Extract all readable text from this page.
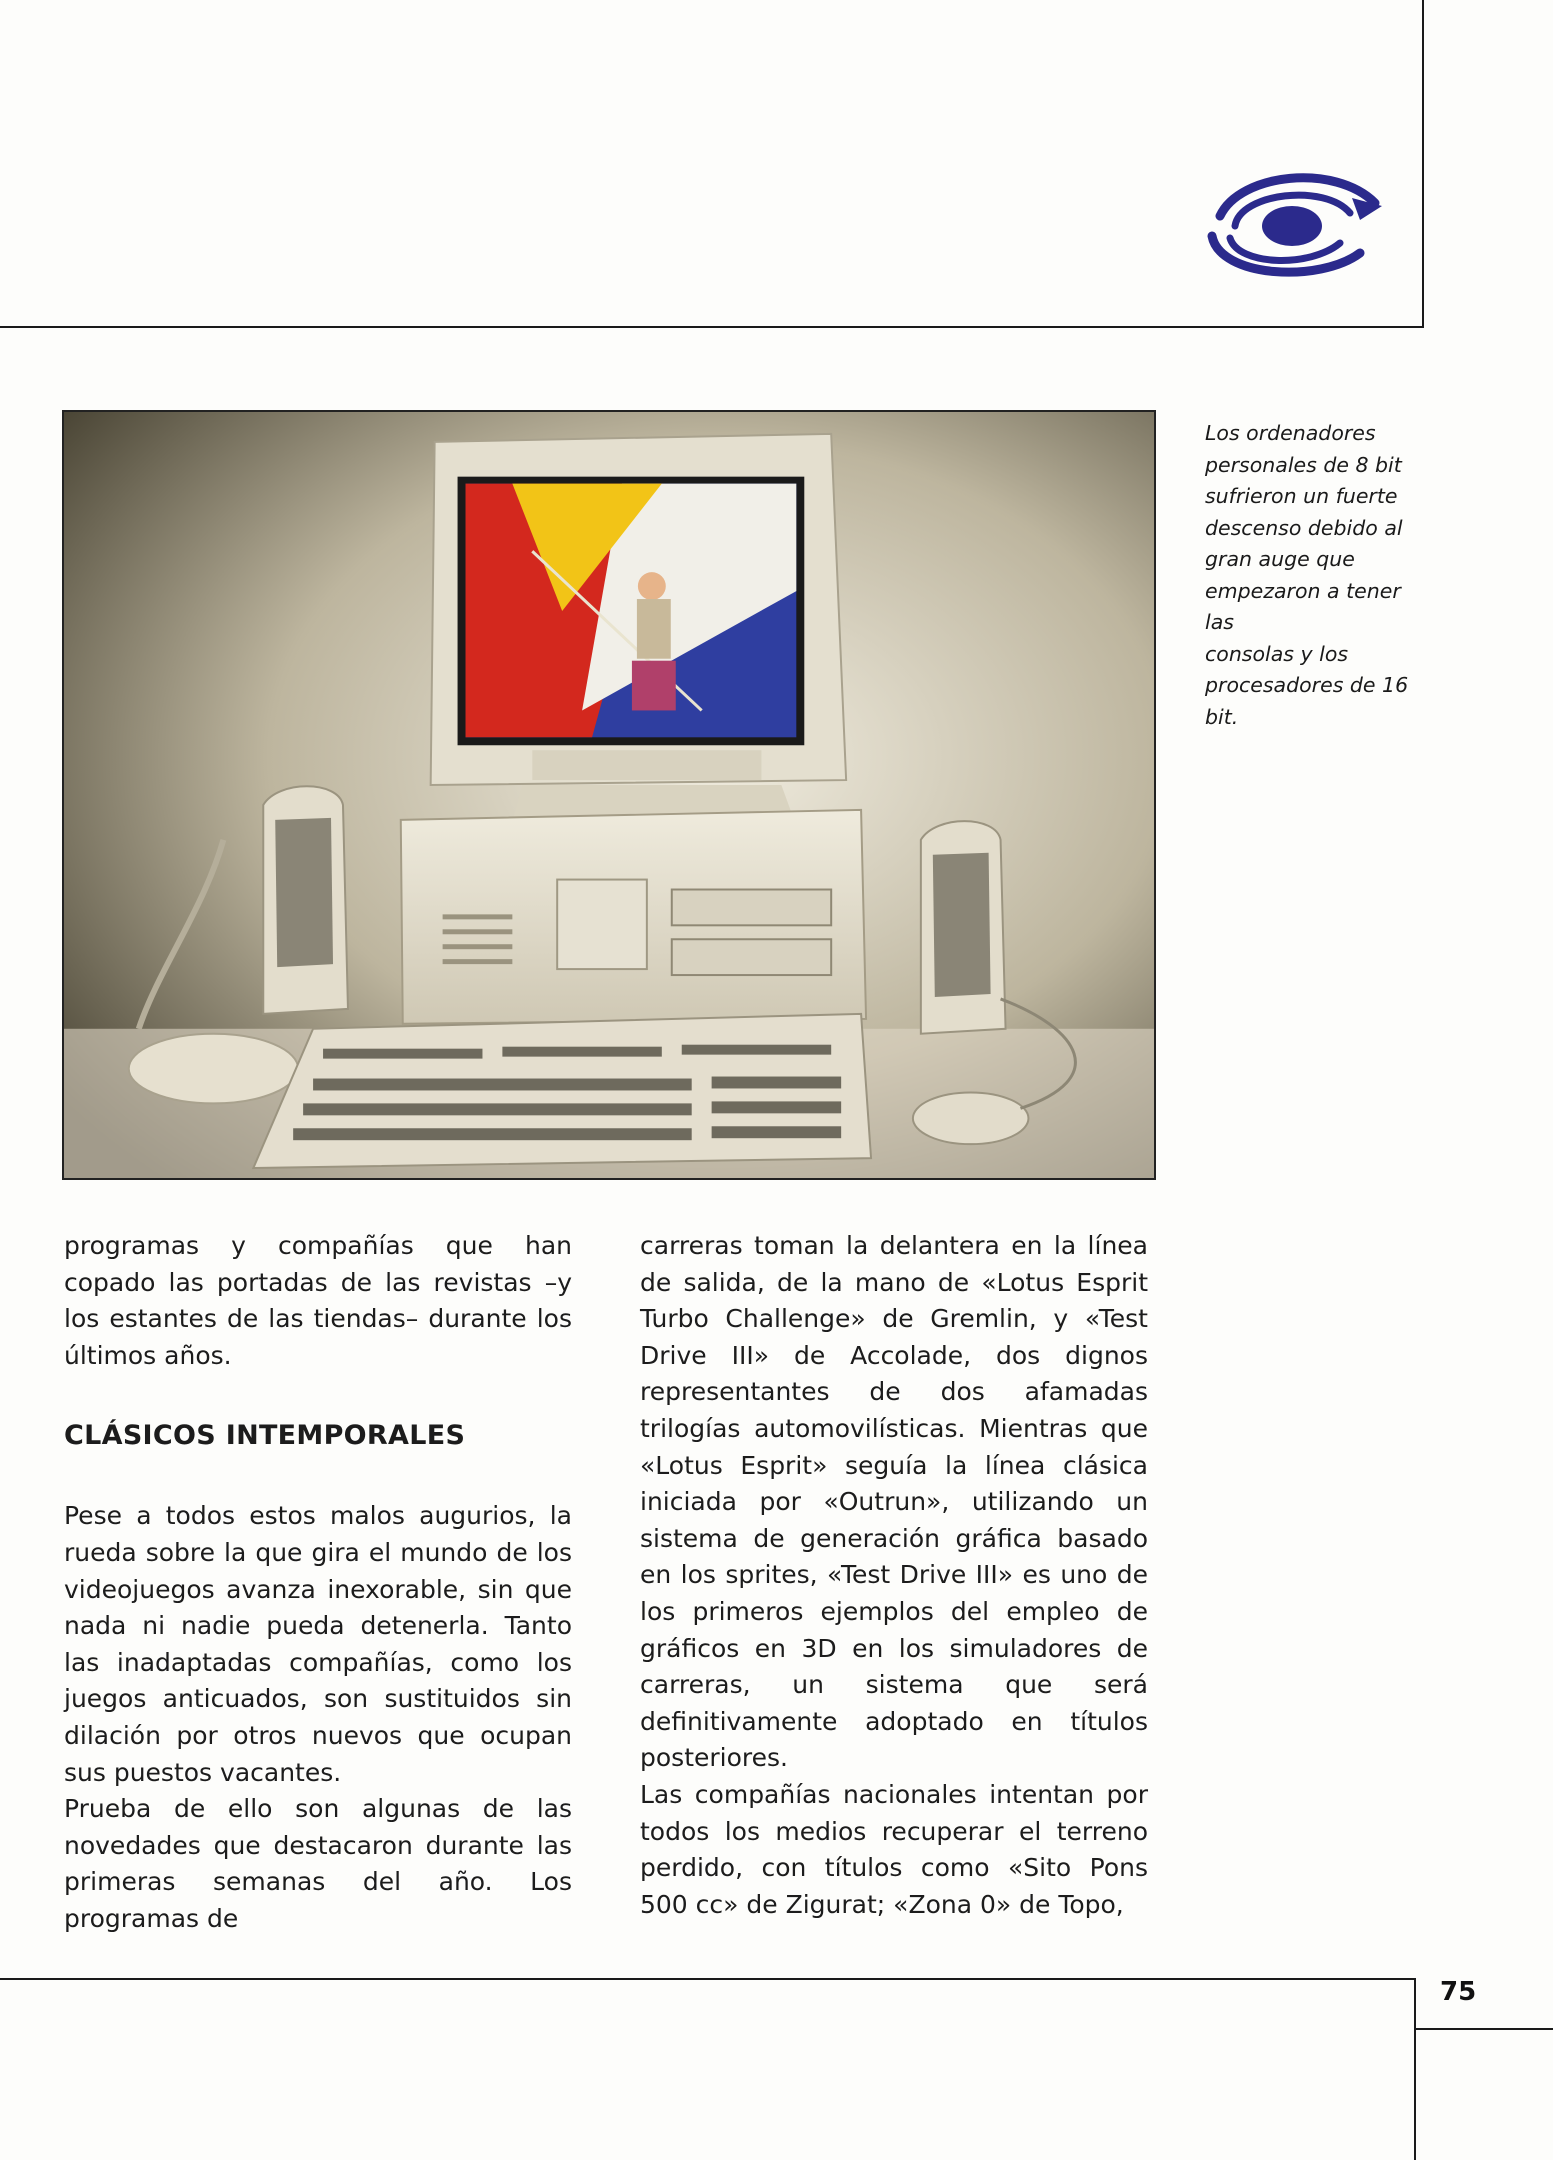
Los ordenadores

personales de 8 bit

sufrieron un fuerte

descenso debido al

gran auge que

empezaron a tener las

consolas y los

procesadores de 16 bit.

programas y compañías que han copado las portadas de las revistas –y los estantes de las tiendas– durante los últimos años.

CLÁSICOS INTEMPORALES

Pese a todos estos malos augurios, la rueda sobre la que gira el mundo de los videojuegos avanza inexorable, sin que nada ni nadie pueda detenerla. Tanto las inadaptadas compañías, como los juegos anticuados, son sustituidos sin dilación por otros nuevos que ocupan sus puestos vacantes.

Prueba de ello son algunas de las novedades que destacaron durante las primeras semanas del año. Los programas de

carreras toman la delantera en la línea de salida, de la mano de «Lotus Esprit Turbo Challenge» de Gremlin, y «Test Drive III» de Accolade, dos dignos representantes de dos afamadas trilogías automovilísticas. Mientras que «Lotus Esprit» seguía la línea clásica iniciada por «Outrun», utilizando un sistema de generación gráfica basado en los sprites, «Test Drive III» es uno de los primeros ejemplos del empleo de gráficos en 3D en los simuladores de carreras, un sistema que será definitivamente adoptado en títulos posteriores.

Las compañías nacionales intentan por todos los medios recuperar el terreno perdido, con títulos como «Sito Pons 500 cc» de Zigurat; «Zona 0» de Topo,

75
